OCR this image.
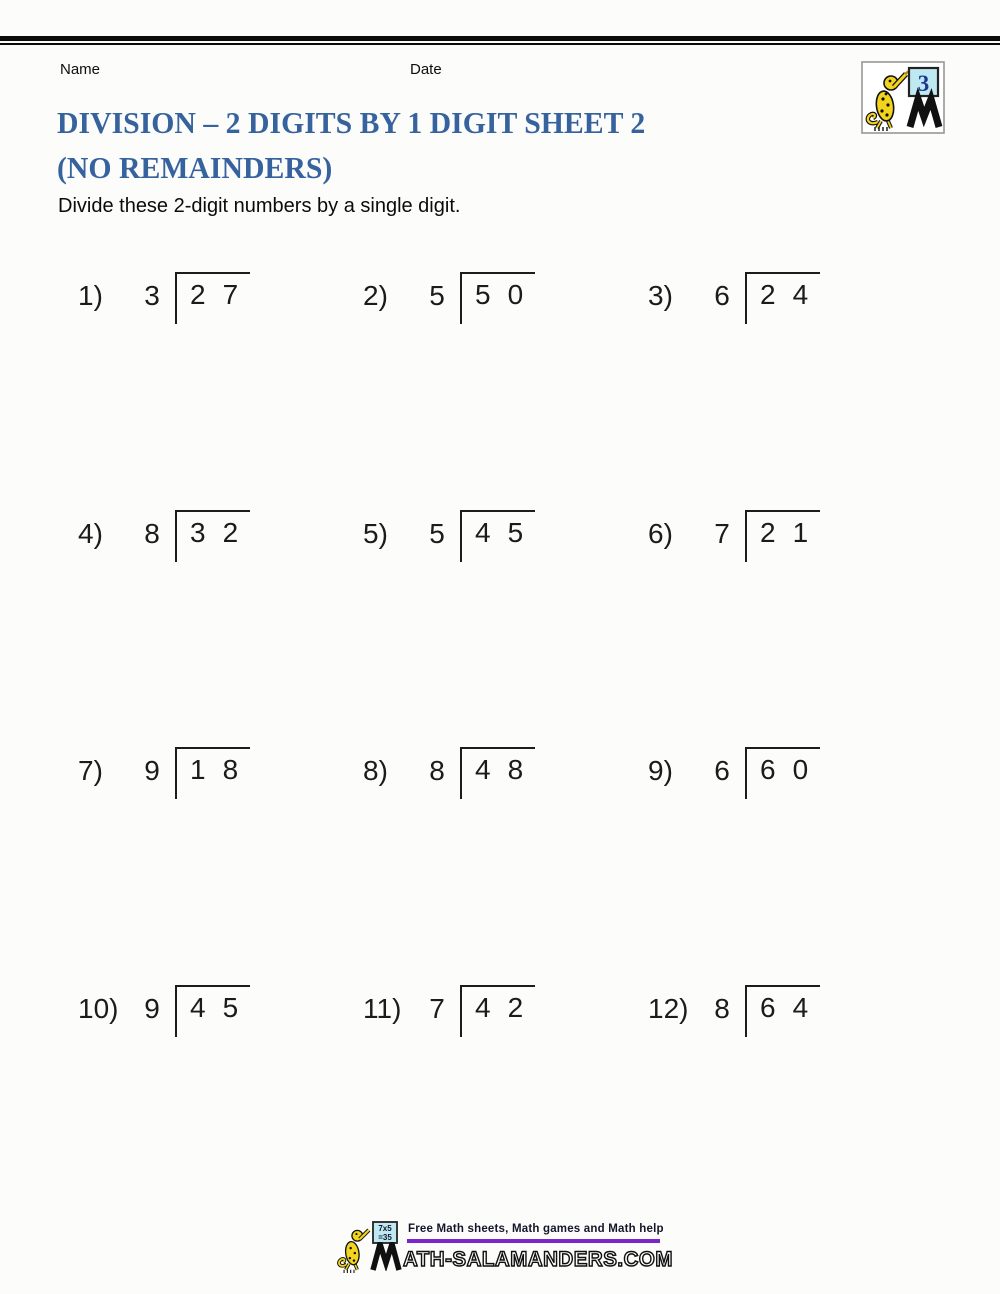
Name	Date
3
DIVISION – 2 DIGITS BY 1 DIGIT SHEET 2
(NO REMAINDERS)
Divide these 2-digit numbers by a single digit.
1)	3 2 7	2)	5 5 0	3)	6 2 4
4)	8 3 2	5)	5 4 5	6)	7 2 1
7)	9 1 8	8)	8 4 8	9)	6 6 0
10) 9 4 5	11) 7 4 2	12) 8 6 4
7x5
=35
Free Math sheets, Math games and Math help
ATH-SALAMANDERS.COM
